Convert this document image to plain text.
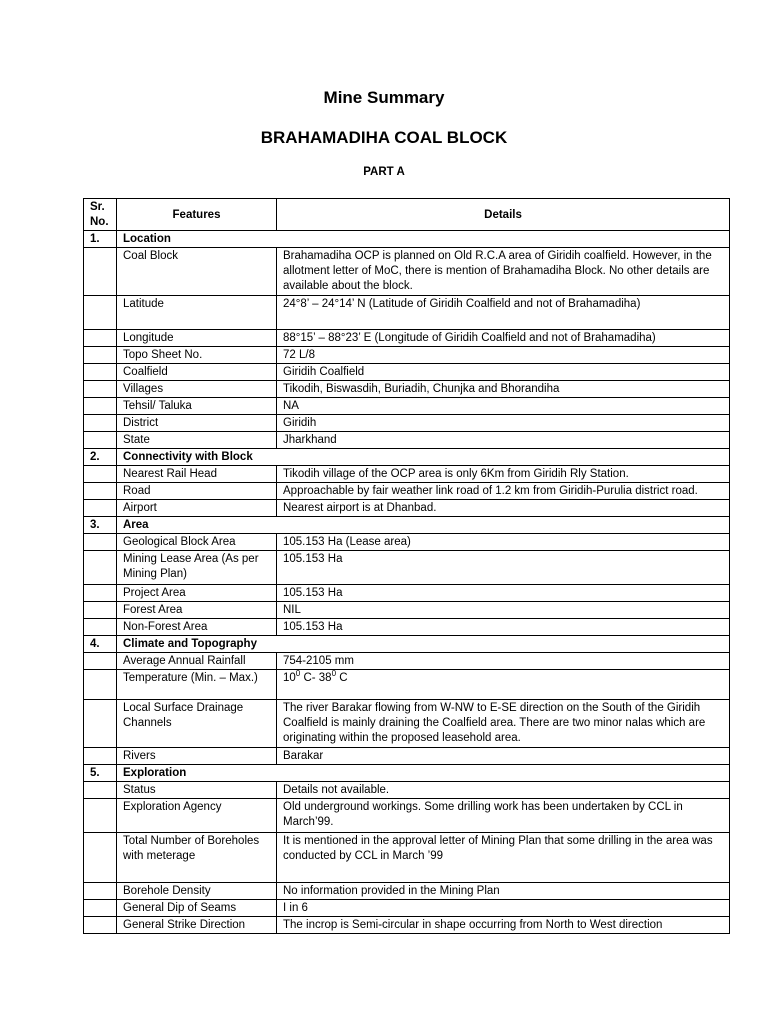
Mine Summary
BRAHAMADIHA COAL BLOCK
PART A
Sr. No.	Features	Details
1.	Location	
	Coal Block	Brahamadiha OCP is planned on Old R.C.A area of Giridih coalfield. However, in the allotment letter of MoC, there is mention of Brahamadiha Block. No other details are available about the block.
	Latitude	24°8’ – 24°14’ N (Latitude of Giridih Coalfield and not of Brahamadiha)
	Longitude	88°15’ – 88°23’ E (Longitude of Giridih Coalfield and not of Brahamadiha)
	Topo Sheet No.	72 L/8
	Coalfield	Giridih Coalfield
	Villages	Tikodih, Biswasdih, Buriadih, Chunjka and Bhorandiha
	Tehsil/ Taluka	NA
	District	Giridih
	State	Jharkhand
2.	Connectivity with Block	
	Nearest Rail Head	Tikodih village of the OCP area is only 6Km from Giridih Rly Station.
	Road	Approachable by fair weather link road of 1.2 km from Giridih-Purulia district road.
	Airport	Nearest airport is at Dhanbad.
3.	Area	
	Geological Block Area	105.153 Ha (Lease area)
	Mining Lease Area (As per Mining Plan)	105.153 Ha
	Project Area	105.153 Ha
	Forest Area	NIL
	Non-Forest Area	105.153 Ha
4.	Climate and Topography	
	Average Annual Rainfall	754-2105 mm
	Temperature (Min. – Max.)	$10^0$ C- $38^0$ C
	Local Surface Drainage Channels	The river Barakar flowing from W-NW to E-SE direction on the South of the Giridih Coalfield is mainly draining the Coalfield area. There are two minor nalas which are originating within the proposed leasehold area.
	Rivers	Barakar
5.	Exploration	
	Status	Details not available.
	Exploration Agency	Old underground workings. Some drilling work has been undertaken by CCL in March’99.
	Total Number of Boreholes with meterage	It is mentioned in the approval letter of Mining Plan that some drilling in the area was conducted by CCL in March ’99
	Borehole Density	No information provided in the Mining Plan
	General Dip of Seams	I in 6
	General Strike Direction	The incrop is Semi-circular in shape occurring from North to West direction
